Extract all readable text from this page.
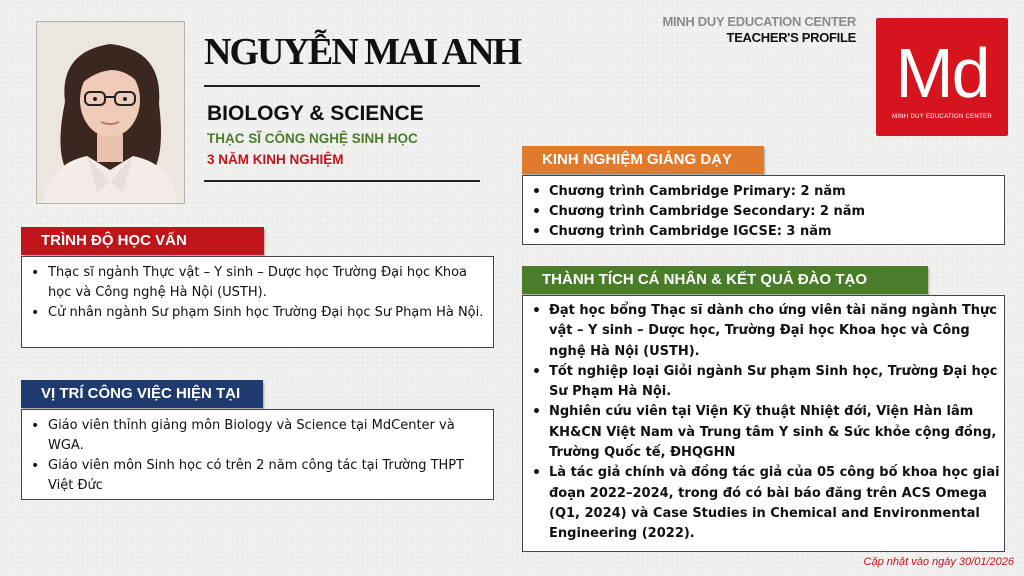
NGUYỄN MAI ANH
BIOLOGY & SCIENCE
THẠC SĨ CÔNG NGHỆ SINH HỌC
3 NĂM KINH NGHIỆM
MINH DUY EDUCATION CENTER
TEACHER'S PROFILE Md
MINH DUY EDUCATION CENTER
TRÌNH ĐỘ HỌC VẤN
• Thạc sĩ ngành Thực vật – Y sinh – Dược học Trường Đại học Khoa học và Công nghệ Hà Nội (USTH).
• Cử nhân ngành Sư phạm Sinh học Trường Đại học Sư Phạm Hà Nội.
VỊ TRÍ CÔNG VIỆC HIỆN TẠI
• Giáo viên thỉnh giảng môn Biology và Science tại MdCenter và WGA.
• Giáo viên môn Sinh học có trên 2 năm công tác tại Trường THPT Việt Đức
KINH NGHIỆM GIẢNG DẠY
• Chương trình Cambridge Primary: 2 năm
• Chương trình Cambridge Secondary: 2 năm
• Chương trình Cambridge IGCSE: 3 năm
THÀNH TÍCH CÁ NHÂN & KẾT QUẢ ĐÀO TẠO
• Đạt học bổng Thạc sĩ dành cho ứng viên tài năng ngành Thực vật – Y sinh – Dược học, Trường Đại học Khoa học và Công nghệ Hà Nội (USTH).
• Tốt nghiệp loại Giỏi ngành Sư phạm Sinh học, Trường Đại học Sư Phạm Hà Nội.
• Nghiên cứu viên tại Viện Kỹ thuật Nhiệt đới, Viện Hàn lâm KH&CN Việt Nam và Trung tâm Y sinh & Sức khỏe cộng đồng, Trường Quốc tế, ĐHQGHN
• Là tác giả chính và đồng tác giả của 05 công bố khoa học giai đoạn 2022–2024, trong đó có bài báo đăng trên ACS Omega (Q1, 2024) và Case Studies in Chemical and Environmental Engineering (2022).
Cập nhật vào ngày 30/01/2026
